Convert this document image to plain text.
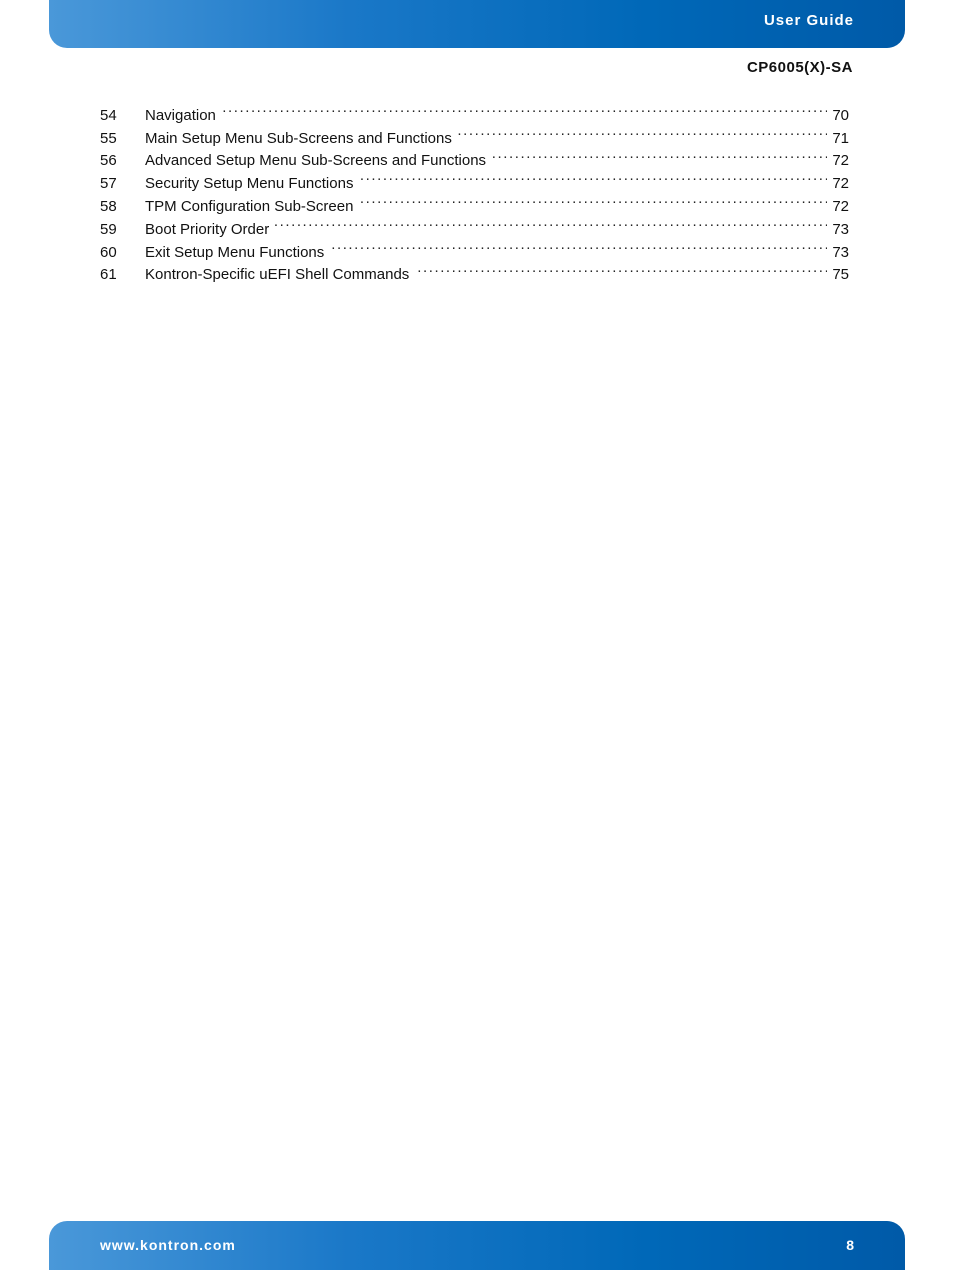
User Guide
CP6005(X)-SA
54	Navigation . . .	70
55	Main Setup Menu Sub-Screens and Functions . . .	71
56	Advanced Setup Menu Sub-Screens and Functions . . .	72
57	Security Setup Menu Functions . . .	72
58	TPM Configuration Sub-Screen . . .	72
59	Boot Priority Order . . .	73
60	Exit Setup Menu Functions . . .	73
61	Kontron-Specific uEFI Shell Commands . . .	75
www.kontron.com	8
